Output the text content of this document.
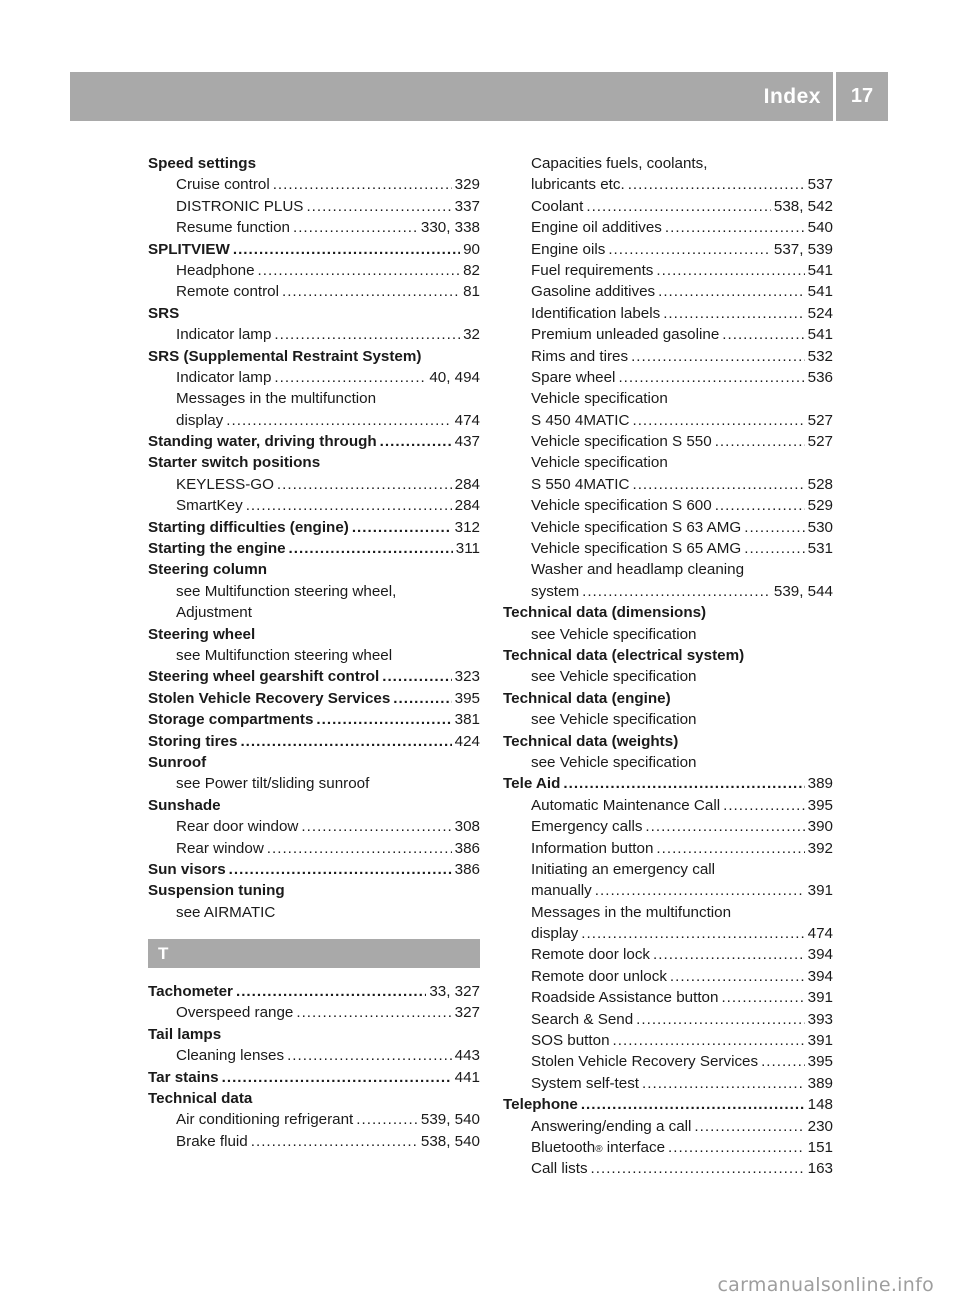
Index	17
Speed settings
Cruise control .....	329
DISTRONIC PLUS .....	337
Resume function .....	330, 338
SPLITVIEW .....	90
Headphone .....	82
Remote control .....	81
SRS
Indicator lamp .....	32
SRS (Supplemental Restraint System)
Indicator lamp .....	40, 494
Messages in the multifunction
display .....	474
Standing water, driving through .....	437
Starter switch positions
KEYLESS-GO .....	284
SmartKey .....	284
Starting difficulties (engine) .....	312
Starting the engine .....	311
Steering column
see Multifunction steering wheel,
Adjustment
Steering wheel
see Multifunction steering wheel
Steering wheel gearshift control .....	323
Stolen Vehicle Recovery Services .....	395
Storage compartments .....	381
Storing tires .....	424
Sunroof
see Power tilt/sliding sunroof
Sunshade
Rear door window .....	308
Rear window .....	386
Sun visors .....	386
Suspension tuning
see AIRMATIC
T
Tachometer .....	33, 327
Overspeed range .....	327
Tail lamps
Cleaning lenses .....	443
Tar stains .....	441
Technical data
Air conditioning refrigerant .....	539, 540
Brake fluid .....	538, 540
Capacities fuels, coolants,
lubricants etc. .....	537
Coolant .....	538, 542
Engine oil additives .....	540
Engine oils .....	537, 539
Fuel requirements .....	541
Gasoline additives .....	541
Identification labels .....	524
Premium unleaded gasoline .....	541
Rims and tires .....	532
Spare wheel .....	536
Vehicle specification
S 450 4MATIC .....	527
Vehicle specification S 550 .....	527
Vehicle specification
S 550 4MATIC .....	528
Vehicle specification S 600 .....	529
Vehicle specification S 63 AMG .....	530
Vehicle specification S 65 AMG .....	531
Washer and headlamp cleaning
system .....	539, 544
Technical data (dimensions)
see Vehicle specification
Technical data (electrical system)
see Vehicle specification
Technical data (engine)
see Vehicle specification
Technical data (weights)
see Vehicle specification
Tele Aid .....	389
Automatic Maintenance Call .....	395
Emergency calls .....	390
Information button .....	392
Initiating an emergency call
manually .....	391
Messages in the multifunction
display .....	474
Remote door lock .....	394
Remote door unlock .....	394
Roadside Assistance button .....	391
Search & Send .....	393
SOS button .....	391
Stolen Vehicle Recovery Services .....	395
System self-test .....	389
Telephone .....	148
Answering/ending a call .....	230
Bluetooth ® interface .....	151
Call lists .....	163
carmanualsonline.info
